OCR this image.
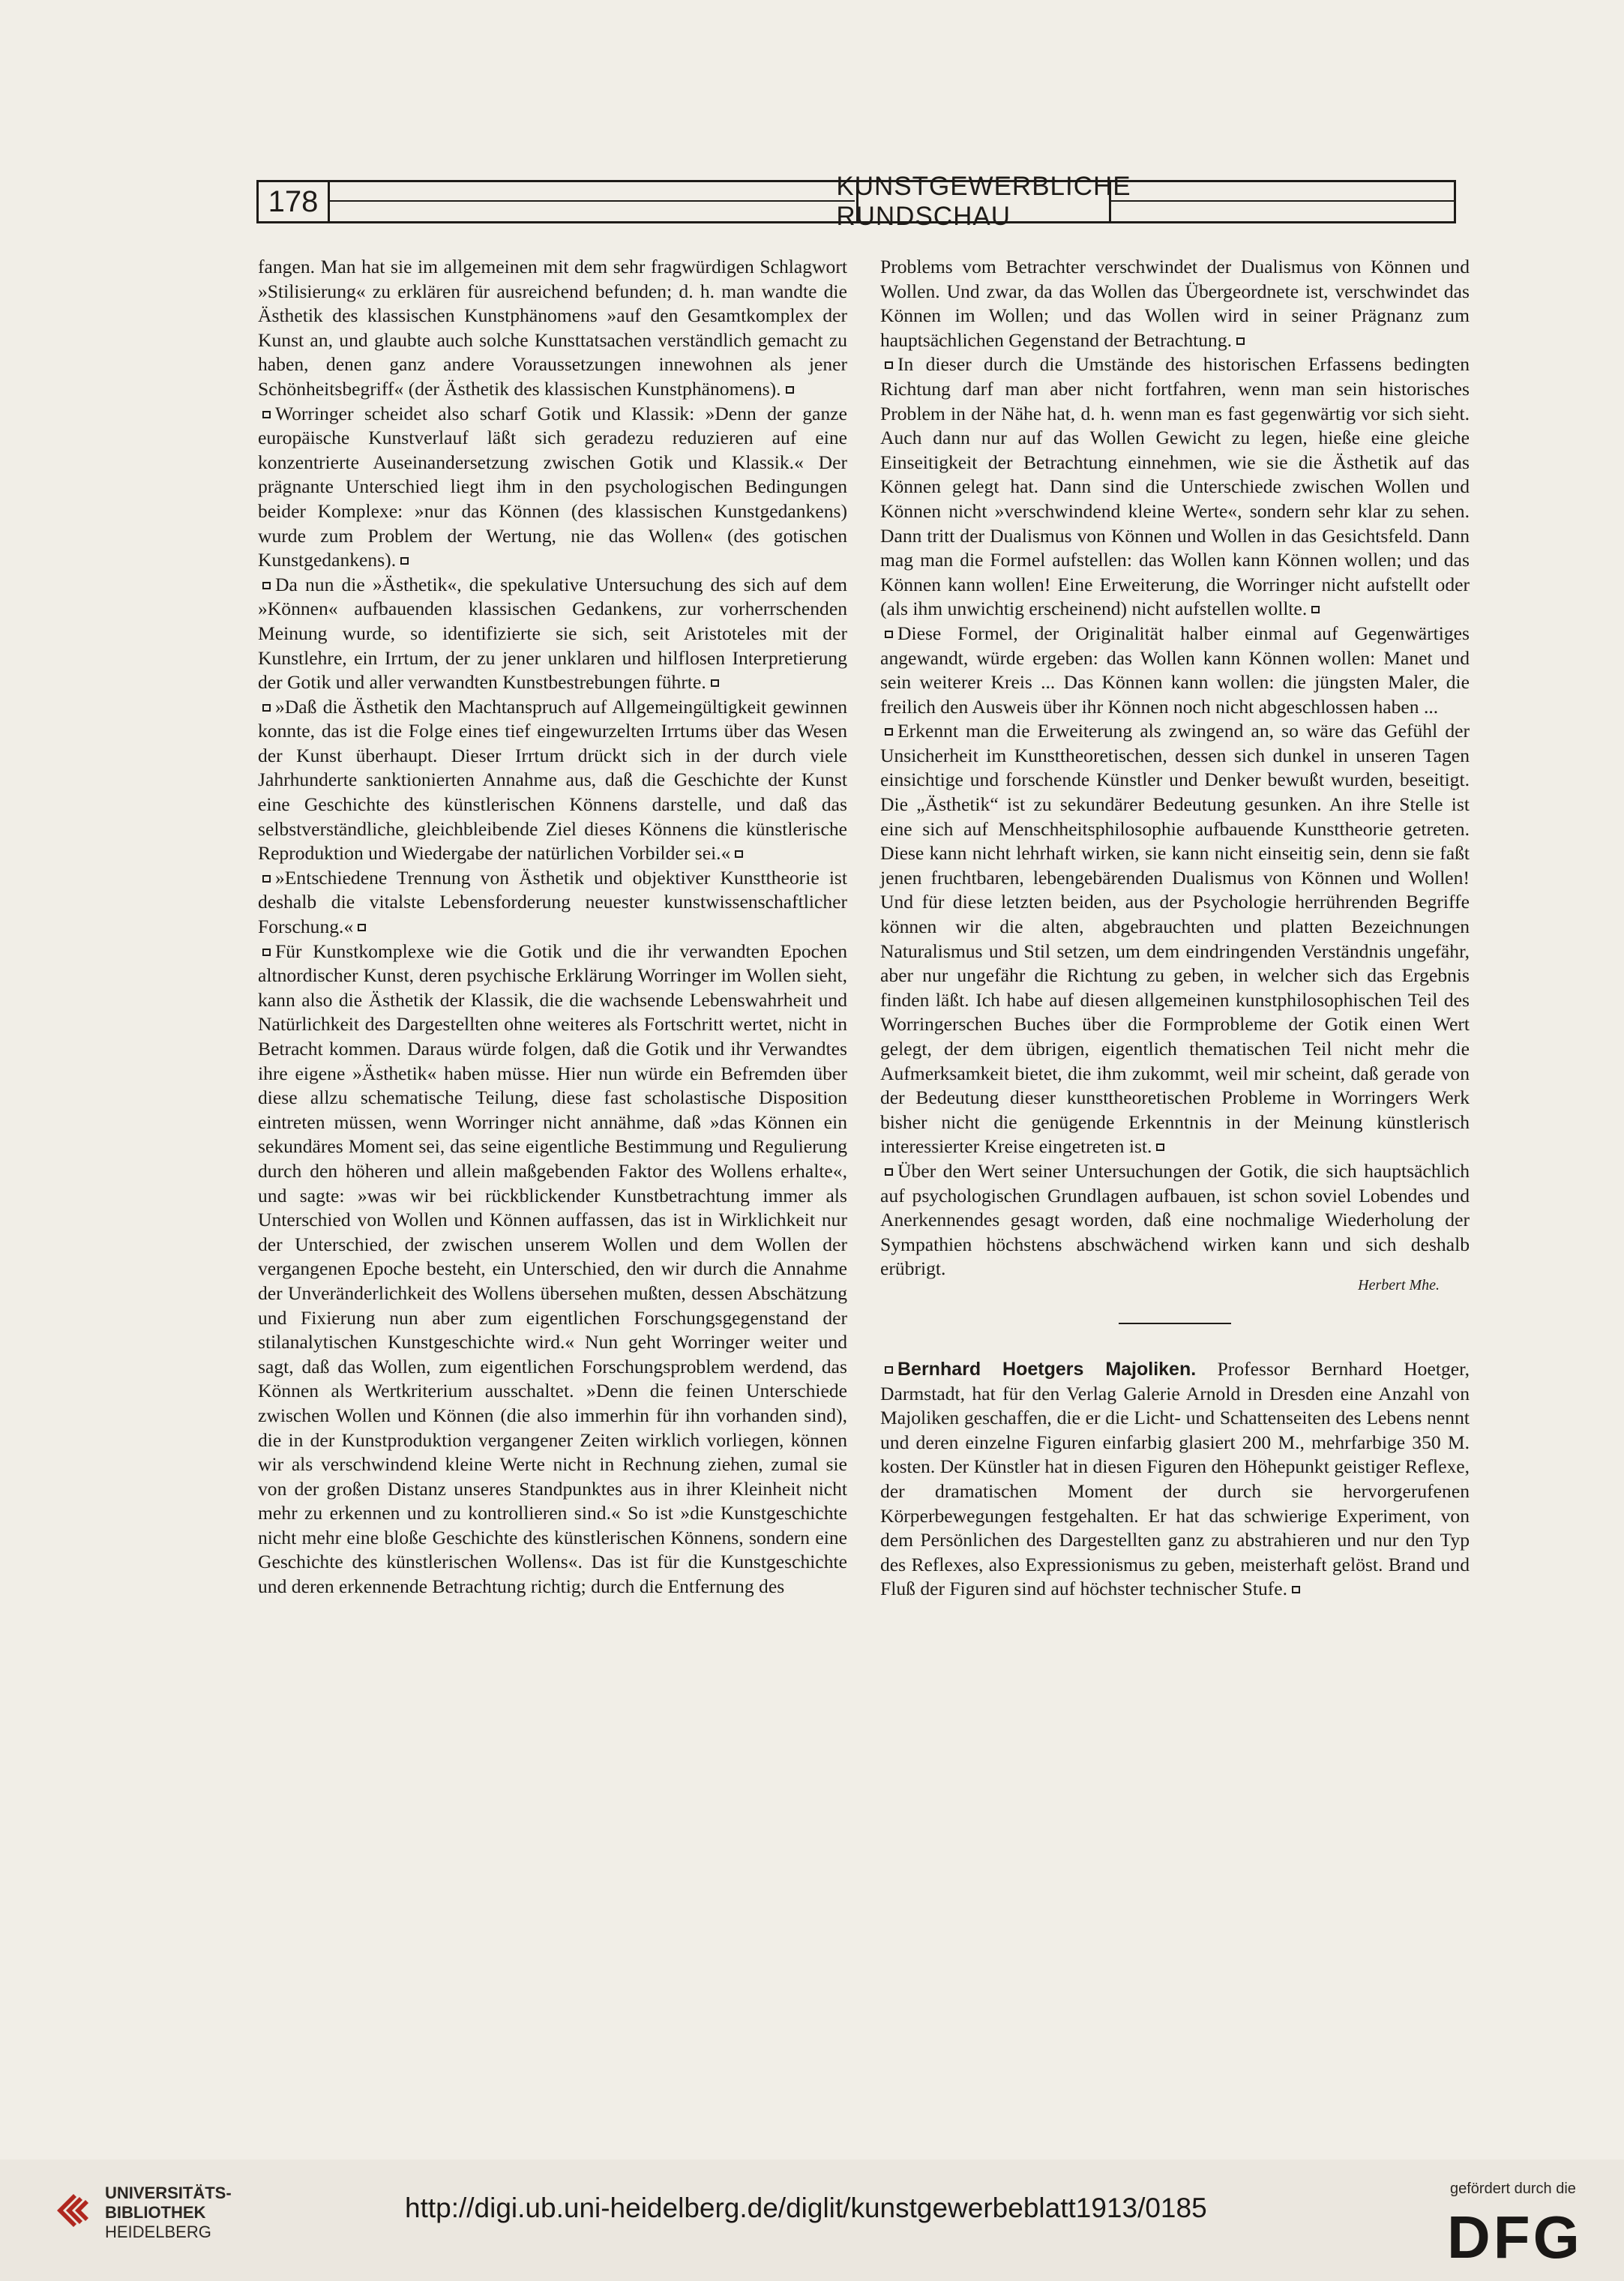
178	KUNSTGEWERBLICHE RUNDSCHAU

fangen. Man hat sie im allgemeinen mit dem sehr fragwürdigen Schlagwort »Stilisierung« zu erklären für ausreichend befunden; d. h. man wandte die Ästhetik des klassischen Kunstphänomens »auf den Gesamtkomplex der Kunst an, und glaubte auch solche Kunsttatsachen verständlich gemacht zu haben, denen ganz andere Voraussetzungen innewohnen als jener Schönheitsbegriff« (der Ästhetik des klassischen Kunstphänomens).

Worringer scheidet also scharf Gotik und Klassik: »Denn der ganze europäische Kunstverlauf läßt sich geradezu reduzieren auf eine konzentrierte Auseinandersetzung zwischen Gotik und Klassik.« Der prägnante Unterschied liegt ihm in den psychologischen Bedingungen beider Komplexe: »nur das Können (des klassischen Kunstgedankens) wurde zum Problem der Wertung, nie das Wollen« (des gotischen Kunstgedankens).

Da nun die »Ästhetik«, die spekulative Untersuchung des sich auf dem »Können« aufbauenden klassischen Gedankens, zur vorherrschenden Meinung wurde, so identifizierte sie sich, seit Aristoteles mit der Kunstlehre, ein Irrtum, der zu jener unklaren und hilflosen Interpretierung der Gotik und aller verwandten Kunstbestrebungen führte.

»Daß die Ästhetik den Machtanspruch auf Allgemeingültigkeit gewinnen konnte, das ist die Folge eines tief eingewurzelten Irrtums über das Wesen der Kunst überhaupt. Dieser Irrtum drückt sich in der durch viele Jahrhunderte sanktionierten Annahme aus, daß die Geschichte der Kunst eine Geschichte des künstlerischen Könnens darstelle, und daß das selbstverständliche, gleichbleibende Ziel dieses Könnens die künstlerische Reproduktion und Wiedergabe der natürlichen Vorbilder sei.«

»Entschiedene Trennung von Ästhetik und objektiver Kunsttheorie ist deshalb die vitalste Lebensforderung neuester kunstwissenschaftlicher Forschung.«

Für Kunstkomplexe wie die Gotik und die ihr verwandten Epochen altnordischer Kunst, deren psychische Erklärung Worringer im Wollen sieht, kann also die Ästhetik der Klassik, die die wachsende Lebenswahrheit und Natürlichkeit des Dargestellten ohne weiteres als Fortschritt wertet, nicht in Betracht kommen. Daraus würde folgen, daß die Gotik und ihr Verwandtes ihre eigene »Ästhetik« haben müsse. Hier nun würde ein Befremden über diese allzu schematische Teilung, diese fast scholastische Disposition eintreten müssen, wenn Worringer nicht annähme, daß »das Können ein sekundäres Moment sei, das seine eigentliche Bestimmung und Regulierung durch den höheren und allein maßgebenden Faktor des Wollens erhalte«, und sagte: »was wir bei rückblickender Kunstbetrachtung immer als Unterschied von Wollen und Können auffassen, das ist in Wirklichkeit nur der Unterschied, der zwischen unserem Wollen und dem Wollen der vergangenen Epoche besteht, ein Unterschied, den wir durch die Annahme der Unveränderlichkeit des Wollens übersehen mußten, dessen Abschätzung und Fixierung nun aber zum eigentlichen Forschungsgegenstand der stilanalytischen Kunstgeschichte wird.« Nun geht Worringer weiter und sagt, daß das Wollen, zum eigentlichen Forschungsproblem werdend, das Können als Wertkriterium ausschaltet. »Denn die feinen Unterschiede zwischen Wollen und Können (die also immerhin für ihn vorhanden sind), die in der Kunstproduktion vergangener Zeiten wirklich vorliegen, können wir als verschwindend kleine Werte nicht in Rechnung ziehen, zumal sie von der großen Distanz unseres Standpunktes aus in ihrer Kleinheit nicht mehr zu erkennen und zu kontrollieren sind.« So ist »die Kunstgeschichte nicht mehr eine bloße Geschichte des künstlerischen Könnens, sondern eine Geschichte des künstlerischen Wollens«. Das ist für die Kunstgeschichte und deren erkennende Betrachtung richtig; durch die Entfernung des

Problems vom Betrachter verschwindet der Dualismus von Können und Wollen. Und zwar, da das Wollen das Übergeordnete ist, verschwindet das Können im Wollen; und das Wollen wird in seiner Prägnanz zum hauptsächlichen Gegenstand der Betrachtung.

In dieser durch die Umstände des historischen Erfassens bedingten Richtung darf man aber nicht fortfahren, wenn man sein historisches Problem in der Nähe hat, d. h. wenn man es fast gegenwärtig vor sich sieht. Auch dann nur auf das Wollen Gewicht zu legen, hieße eine gleiche Einseitigkeit der Betrachtung einnehmen, wie sie die Ästhetik auf das Können gelegt hat. Dann sind die Unterschiede zwischen Wollen und Können nicht »verschwindend kleine Werte«, sondern sehr klar zu sehen. Dann tritt der Dualismus von Können und Wollen in das Gesichtsfeld. Dann mag man die Formel aufstellen: das Wollen kann Können wollen; und das Können kann wollen! Eine Erweiterung, die Worringer nicht aufstellt oder (als ihm unwichtig erscheinend) nicht aufstellen wollte.

Diese Formel, der Originalität halber einmal auf Gegenwärtiges angewandt, würde ergeben: das Wollen kann Können wollen: Manet und sein weiterer Kreis ... Das Können kann wollen: die jüngsten Maler, die freilich den Ausweis über ihr Können noch nicht abgeschlossen haben ...

Erkennt man die Erweiterung als zwingend an, so wäre das Gefühl der Unsicherheit im Kunsttheoretischen, dessen sich dunkel in unseren Tagen einsichtige und forschende Künstler und Denker bewußt wurden, beseitigt. Die „Ästhetik“ ist zu sekundärer Bedeutung gesunken. An ihre Stelle ist eine sich auf Menschheitsphilosophie aufbauende Kunsttheorie getreten. Diese kann nicht lehrhaft wirken, sie kann nicht einseitig sein, denn sie faßt jenen fruchtbaren, lebengebärenden Dualismus von Können und Wollen! Und für diese letzten beiden, aus der Psychologie herrührenden Begriffe können wir die alten, abgebrauchten und platten Bezeichnungen Naturalismus und Stil setzen, um dem eindringenden Verständnis ungefähr, aber nur ungefähr die Richtung zu geben, in welcher sich das Ergebnis finden läßt. Ich habe auf diesen allgemeinen kunstphilosophischen Teil des Worringerschen Buches über die Formprobleme der Gotik einen Wert gelegt, der dem übrigen, eigentlich thematischen Teil nicht mehr die Aufmerksamkeit bietet, die ihm zukommt, weil mir scheint, daß gerade von der Bedeutung dieser kunsttheoretischen Probleme in Worringers Werk bisher nicht die genügende Erkenntnis in der Meinung künstlerisch interessierter Kreise eingetreten ist.

Über den Wert seiner Untersuchungen der Gotik, die sich hauptsächlich auf psychologischen Grundlagen aufbauen, ist schon soviel Lobendes und Anerkennendes gesagt worden, daß eine nochmalige Wiederholung der Sympathien höchstens abschwächend wirken kann und sich deshalb erübrigt.

Herbert Mhe.

Bernhard Hoetgers Majoliken. Professor Bernhard Hoetger, Darmstadt, hat für den Verlag Galerie Arnold in Dresden eine Anzahl von Majoliken geschaffen, die er die Licht- und Schattenseiten des Lebens nennt und deren einzelne Figuren einfarbig glasiert 200 M., mehrfarbige 350 M. kosten. Der Künstler hat in diesen Figuren den Höhepunkt geistiger Reflexe, der dramatischen Moment der durch sie hervorgerufenen Körperbewegungen festgehalten. Er hat das schwierige Experiment, von dem Persönlichen des Dargestellten ganz zu abstrahieren und nur den Typ des Reflexes, also Expressionismus zu geben, meisterhaft gelöst. Brand und Fluß der Figuren sind auf höchster technischer Stufe.

UNIVERSITÄTS-
BIBLIOTHEK
HEIDELBERG
http://digi.ub.uni-heidelberg.de/diglit/kunstgewerbeblatt1913/0185
gefördert durch die
DFG
